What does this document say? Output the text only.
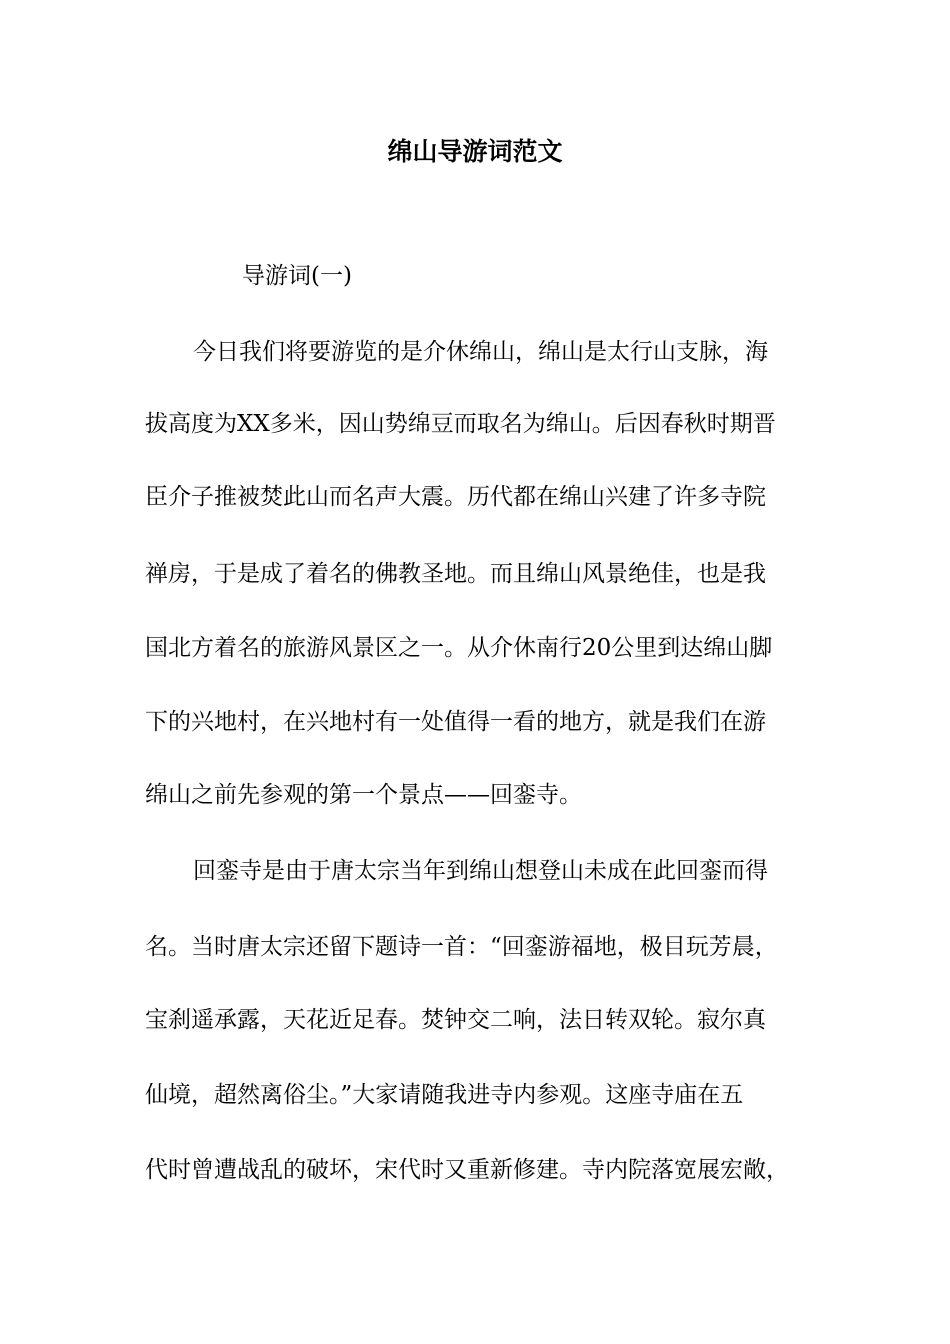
绵山导游词范文

导游词(一)

今日我们将要游览的是介休绵山，绵山是太行山支脉，海

拔高度为XX多米，因山势绵豆而取名为绵山。后因春秋时期晋

臣介子推被焚此山而名声大震。历代都在绵山兴建了许多寺院

禅房，于是成了着名的佛教圣地。而且绵山风景绝佳，也是我

国北方着名的旅游风景区之一。从介休南行20公里到达绵山脚

下的兴地村，在兴地村有一处值得一看的地方，就是我们在游

绵山之前先参观的第一个景点——回銮寺。

回銮寺是由于唐太宗当年到绵山想登山未成在此回銮而得

名。当时唐太宗还留下题诗一首：“回銮游福地，极目玩芳晨，

宝刹遥承露，天花近足春。焚钟交二响，法日转双轮。寂尔真

仙境，超然离俗尘。”大家请随我进寺内参观。这座寺庙在五

代时曾遭战乱的破坏，宋代时又重新修建。寺内院落宽展宏敞，
